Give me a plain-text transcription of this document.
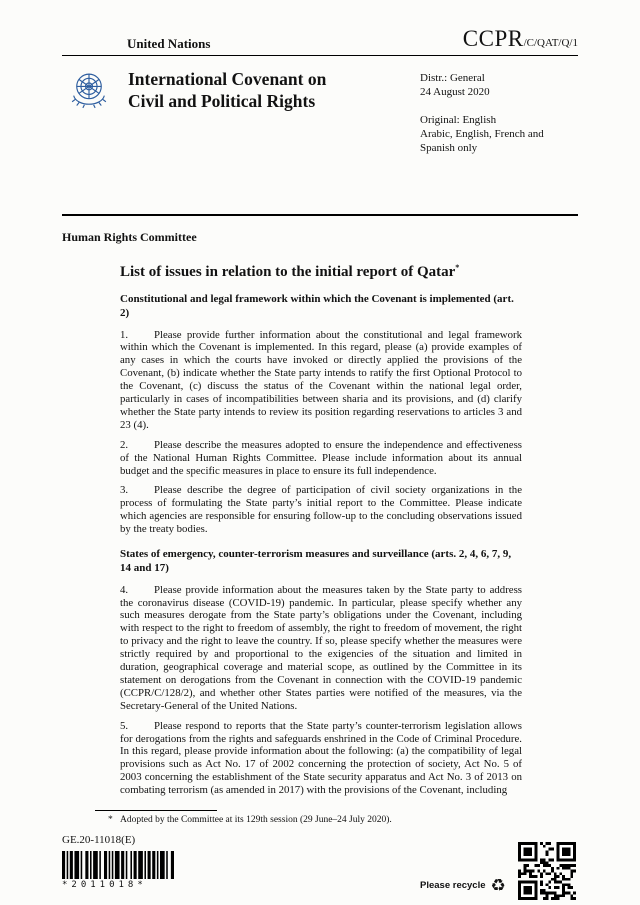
United Nations	CCPR/C/QAT/Q/1
International Covenant on
Civil and Political Rights
Distr.: General
24 August 2020
Original: English
Arabic, English, French and Spanish only
Human Rights Committee
List of issues in relation to the initial report of Qatar*
Constitutional and legal framework within which the Covenant is implemented (art. 2)

1. Please provide further information about the constitutional and legal framework within which the Covenant is implemented. In this regard, please (a) provide examples of any cases in which the courts have invoked or directly applied the provisions of the Covenant, (b) indicate whether the State party intends to ratify the first Optional Protocol to the Covenant, (c) discuss the status of the Covenant within the national legal order, particularly in cases of incompatibilities between sharia and its provisions, and (d) clarify whether the State party intends to review its position regarding reservations to articles 3 and 23 (4).

2. Please describe the measures adopted to ensure the independence and effectiveness of the National Human Rights Committee. Please include information about its annual budget and the specific measures in place to ensure its full independence.

3. Please describe the degree of participation of civil society organizations in the process of formulating the State party’s initial report to the Committee. Please indicate which agencies are responsible for ensuring follow-up to the concluding observations issued by the treaty bodies.

States of emergency, counter-terrorism measures and surveillance (arts. 2, 4, 6, 7, 9, 14 and 17)

4. Please provide information about the measures taken by the State party to address the coronavirus disease (COVID-19) pandemic. In particular, please specify whether any such measures derogate from the State party’s obligations under the Covenant, including with respect to the right to freedom of assembly, the right to freedom of movement, the right to privacy and the right to leave the country. If so, please specify whether the measures were strictly required by and proportional to the exigencies of the situation and limited in duration, geographical coverage and material scope, as outlined by the Committee in its statement on derogations from the Covenant in connection with the COVID-19 pandemic (CCPR/C/128/2), and whether other States parties were notified of the measures, via the Secretary-General of the United Nations.

5. Please respond to reports that the State party’s counter-terrorism legislation allows for derogations from the rights and safeguards enshrined in the Code of Criminal Procedure. In this regard, please provide information about the following: (a) the compatibility of legal provisions such as Act No. 17 of 2002 concerning the protection of society, Act No. 5 of 2003 concerning the establishment of the State security apparatus and Act No. 3 of 2013 on combating terrorism (as amended in 2017) with the provisions of the Covenant, including

* Adopted by the Committee at its 129th session (29 June–24 July 2020).
GE.20-11018(E)
*2011018*	Please recycle ♻
